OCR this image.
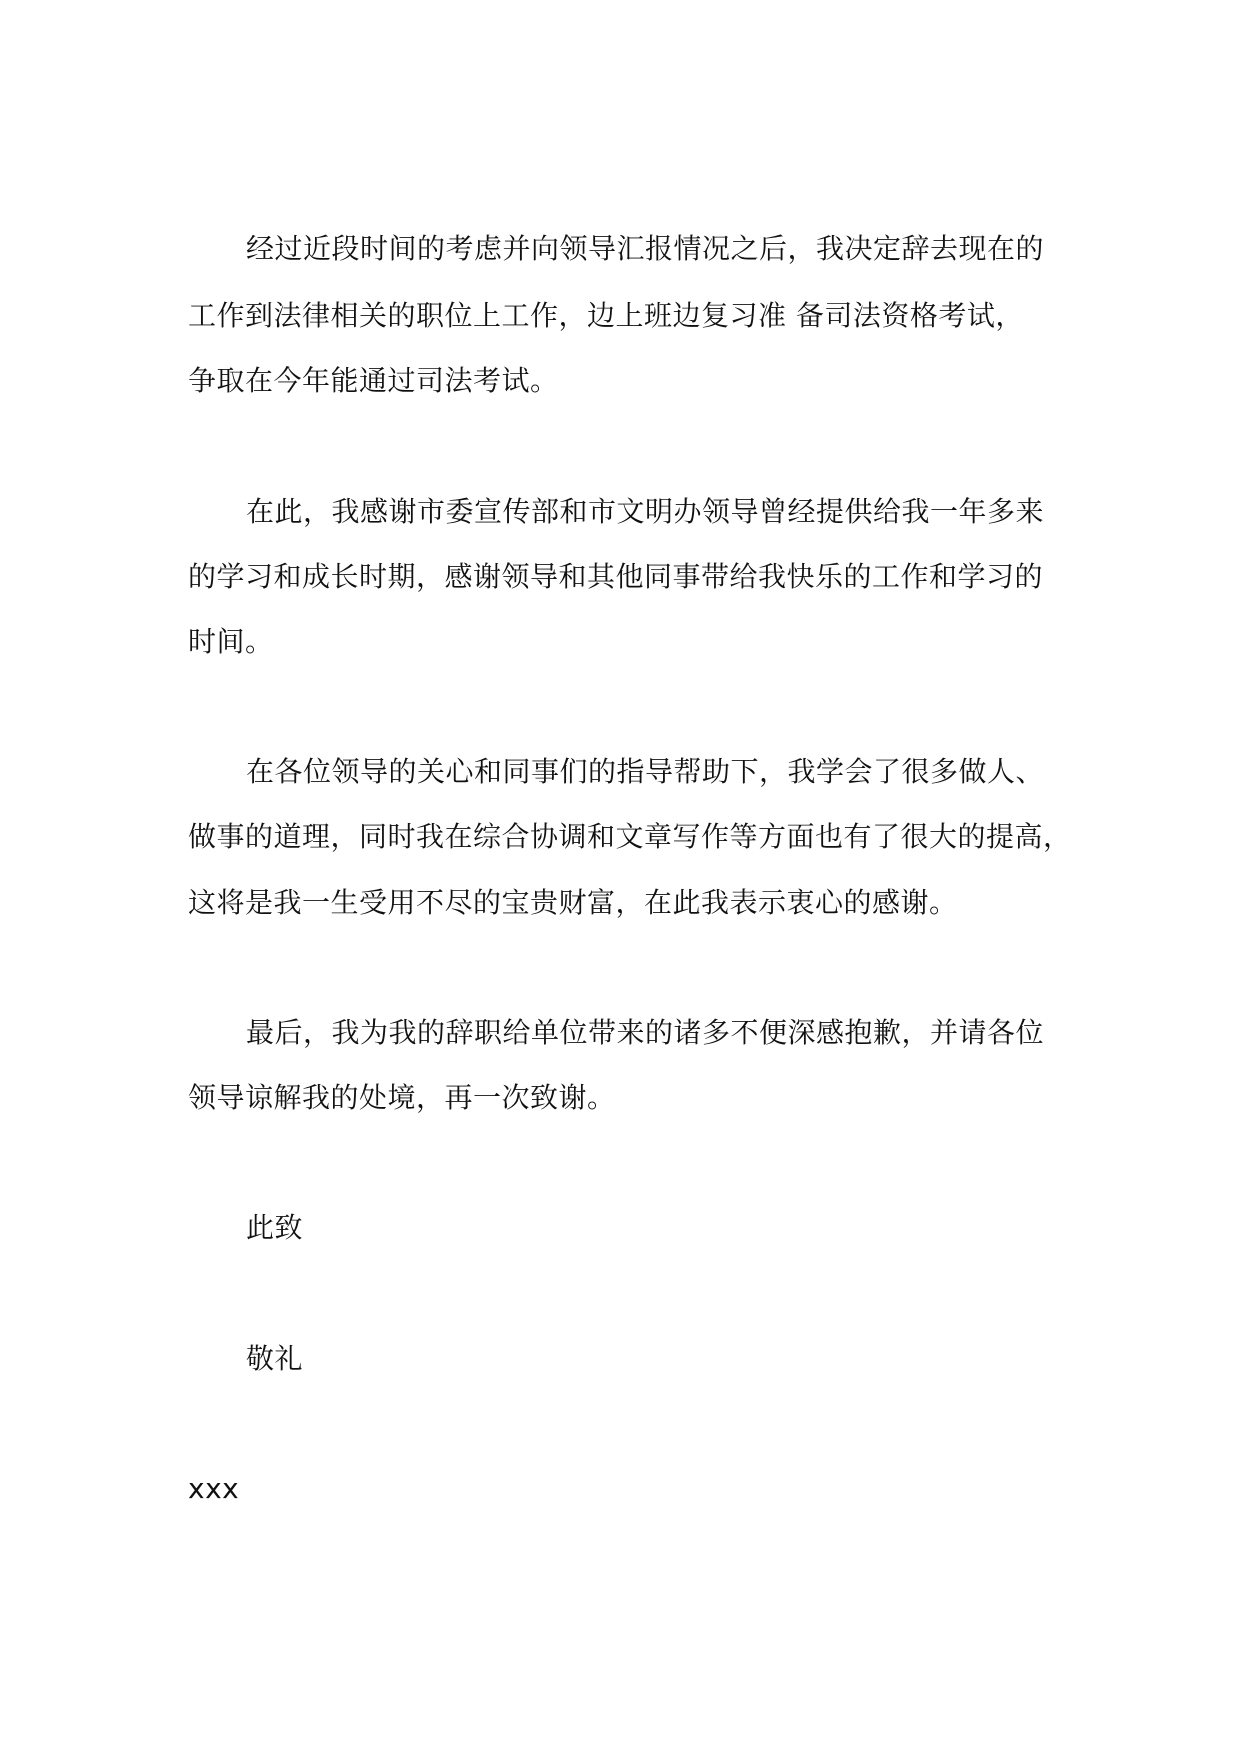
经过近段时间的考虑并向领导汇报情况之后，我决定辞去现在的
工作到法律相关的职位上工作，边上班边复习准 备司法资格考试，
争取在今年能通过司法考试。
在此，我感谢市委宣传部和市文明办领导曾经提供给我一年多来
的学习和成长时期，感谢领导和其他同事带给我快乐的工作和学习的
时间。
在各位领导的关心和同事们的指导帮助下，我学会了很多做人、
做事的道理，同时我在综合协调和文章写作等方面也有了很大的提高，
这将是我一生受用不尽的宝贵财富，在此我表示衷心的感谢。
最后，我为我的辞职给单位带来的诸多不便深感抱歉，并请各位
领导谅解我的处境，再一次致谢。
此致
敬礼
xxx
